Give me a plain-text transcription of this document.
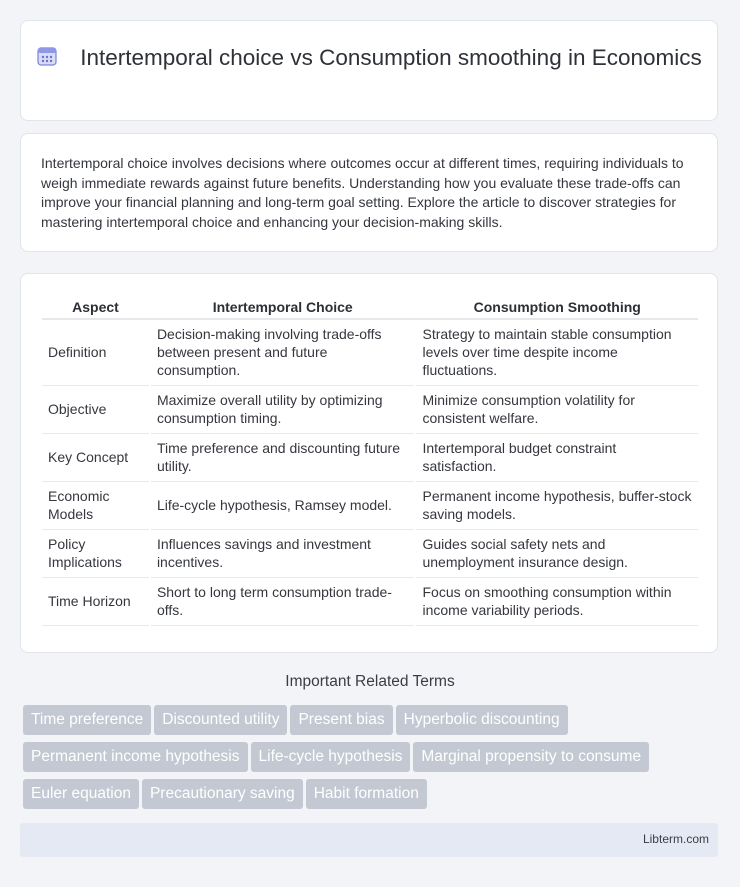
Intertemporal choice vs Consumption smoothing in Economics
Intertemporal choice involves decisions where outcomes occur at different times, requiring individuals to weigh immediate rewards against future benefits. Understanding how you evaluate these trade-offs can improve your financial planning and long-term goal setting. Explore the article to discover strategies for mastering intertemporal choice and enhancing your decision-making skills.
Aspect	Intertemporal Choice	Consumption Smoothing
Definition	Decision-making involving trade-offs between present and future consumption.	Strategy to maintain stable consumption levels over time despite income fluctuations.
Objective	Maximize overall utility by optimizing consumption timing.	Minimize consumption volatility for consistent welfare.
Key Concept	Time preference and discounting future utility.	Intertemporal budget constraint satisfaction.
Economic Models	Life-cycle hypothesis, Ramsey model.	Permanent income hypothesis, buffer-stock saving models.
Policy Implications	Influences savings and investment incentives.	Guides social safety nets and unemployment insurance design.
Time Horizon	Short to long term consumption trade-offs.	Focus on smoothing consumption within income variability periods.
Important Related Terms
Time preference Discounted utility Present bias Hyperbolic discounting
Permanent income hypothesis Life-cycle hypothesis Marginal propensity to consume
Euler equation Precautionary saving Habit formation
Libterm.com
